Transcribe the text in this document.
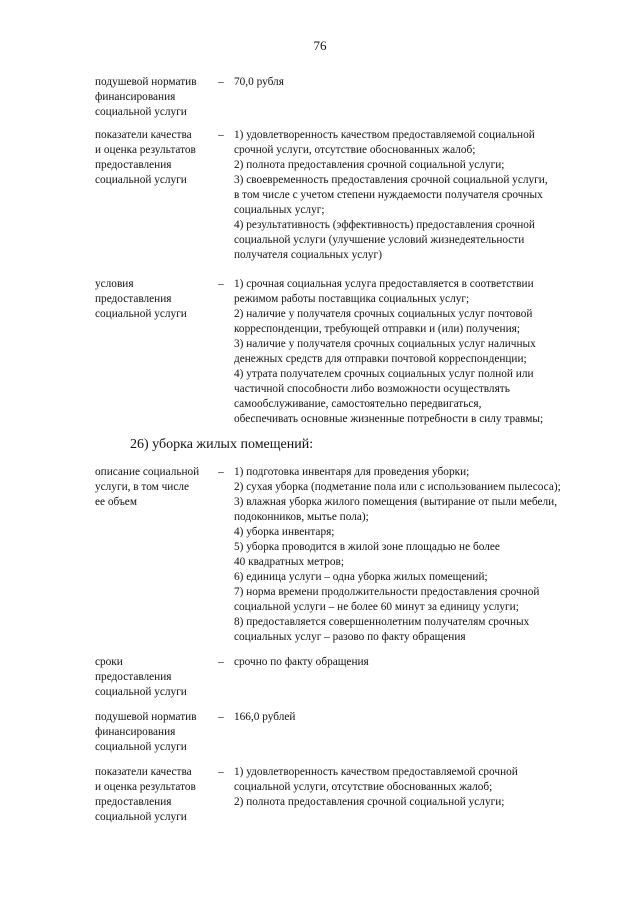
76
подушевой норматив
финансирования
социальной услуги
– 70,0 рубля
показатели качества
и оценка результатов
предоставления
социальной услуги
– 1) удовлетворенность качеством предоставляемой социальной
срочной услуги, отсутствие обоснованных жалоб;
2) полнота предоставления срочной социальной услуги;
3) своевременность предоставления срочной социальной услуги,
в том числе с учетом степени нуждаемости получателя срочных
социальных услуг;
4) результативность (эффективность) предоставления срочной
социальной услуги (улучшение условий жизнедеятельности
получателя социальных услуг)
условия
предоставления
социальной услуги
– 1) срочная социальная услуга предоставляется в соответствии
режимом работы поставщика социальных услуг;
2) наличие у получателя срочных социальных услуг почтовой
корреспонденции, требующей отправки и (или) получения;
3) наличие у получателя срочных социальных услуг наличных
денежных средств для отправки почтовой корреспонденции;
4) утрата получателем срочных социальных услуг полной или
частичной способности либо возможности осуществлять
самообслуживание, самостоятельно передвигаться,
обеспечивать основные жизненные потребности в силу травмы;
26) уборка жилых помещений:
описание социальной
услуги, в том числе
ее объем
– 1) подготовка инвентаря для проведения уборки;
2) сухая уборка (подметание пола или с использованием пылесоса);
3) влажная уборка жилого помещения (вытирание от пыли мебели,
подоконников, мытье пола);
4) уборка инвентаря;
5) уборка проводится в жилой зоне площадью не более
40 квадратных метров;
6) единица услуги – одна уборка жилых помещений;
7) норма времени продолжительности предоставления срочной
социальной услуги – не более 60 минут за единицу услуги;
8) предоставляется совершеннолетним получателям срочных
социальных услуг – разово по факту обращения
сроки
предоставления
социальной услуги
– срочно по факту обращения
подушевой норматив
финансирования
социальной услуги
– 166,0 рублей
показатели качества
и оценка результатов
предоставления
социальной услуги
– 1) удовлетворенность качеством предоставляемой срочной
социальной услуги, отсутствие обоснованных жалоб;
2) полнота предоставления срочной социальной услуги;
